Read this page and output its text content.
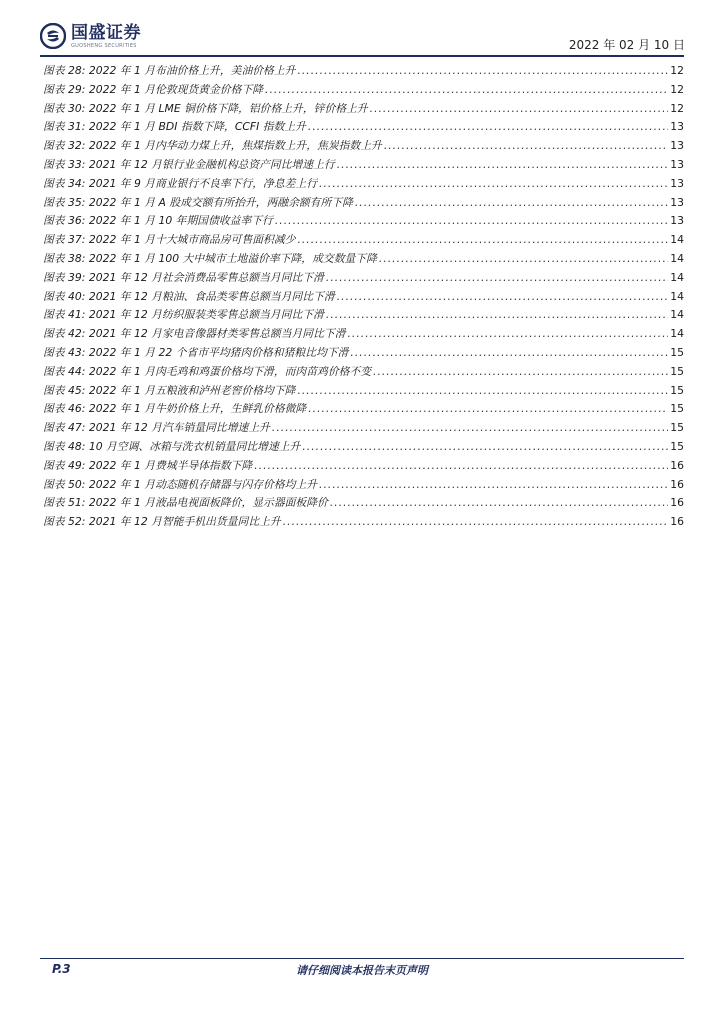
国盛证券
GUOSHENG SECURITIES	2022 年 02 月 10 日
图表 28: 2022 年 1 月布油价格上升，美油价格上升 .....	12
图表 29: 2022 年 1 月伦敦现货黄金价格下降 .....	12
图表 30: 2022 年 1 月 LME 铜价格下降，铝价格上升，锌价格上升 .....	12
图表 31: 2022 年 1 月 BDI 指数下降，CCFI 指数上升 .....	13
图表 32: 2022 年 1 月内华动力煤上升，焦煤指数上升，焦炭指数上升 .....	13
图表 33: 2021 年 12 月银行业金融机构总资产同比增速上行 .....	13
图表 34: 2021 年 9 月商业银行不良率下行，净息差上行 .....	13
图表 35: 2022 年 1 月 A 股成交额有所抬升，两融余额有所下降 .....	13
图表 36: 2022 年 1 月 10 年期国债收益率下行 .....	13
图表 37: 2022 年 1 月十大城市商品房可售面积减少 .....	14
图表 38: 2022 年 1 月 100 大中城市土地溢价率下降，成交数量下降 .....	14
图表 39: 2021 年 12 月社会消费品零售总额当月同比下滑 .....	14
图表 40: 2021 年 12 月粮油、食品类零售总额当月同比下滑 .....	14
图表 41: 2021 年 12 月纺织服装类零售总额当月同比下滑 .....	14
图表 42: 2021 年 12 月家电音像器材类零售总额当月同比下滑 .....	14
图表 43: 2022 年 1 月 22 个省市平均猪肉价格和猪粮比均下滑 .....	15
图表 44: 2022 年 1 月肉毛鸡和鸡蛋价格均下滑，而肉苗鸡价格不变 .....	15
图表 45: 2022 年 1 月五粮液和泸州老窖价格均下降 .....	15
图表 46: 2022 年 1 月牛奶价格上升，生鲜乳价格微降 .....	15
图表 47: 2021 年 12 月汽车销量同比增速上升 .....	15
图表 48: 10 月空调、冰箱与洗衣机销量同比增速上升 .....	15
图表 49: 2022 年 1 月费城半导体指数下降 .....	16
图表 50: 2022 年 1 月动态随机存储器与闪存价格均上升 .....	16
图表 51: 2022 年 1 月液晶电视面板降价，显示器面板降价 .....	16
图表 52: 2021 年 12 月智能手机出货量同比上升 .....	16
P.3	请仔细阅读本报告末页声明
